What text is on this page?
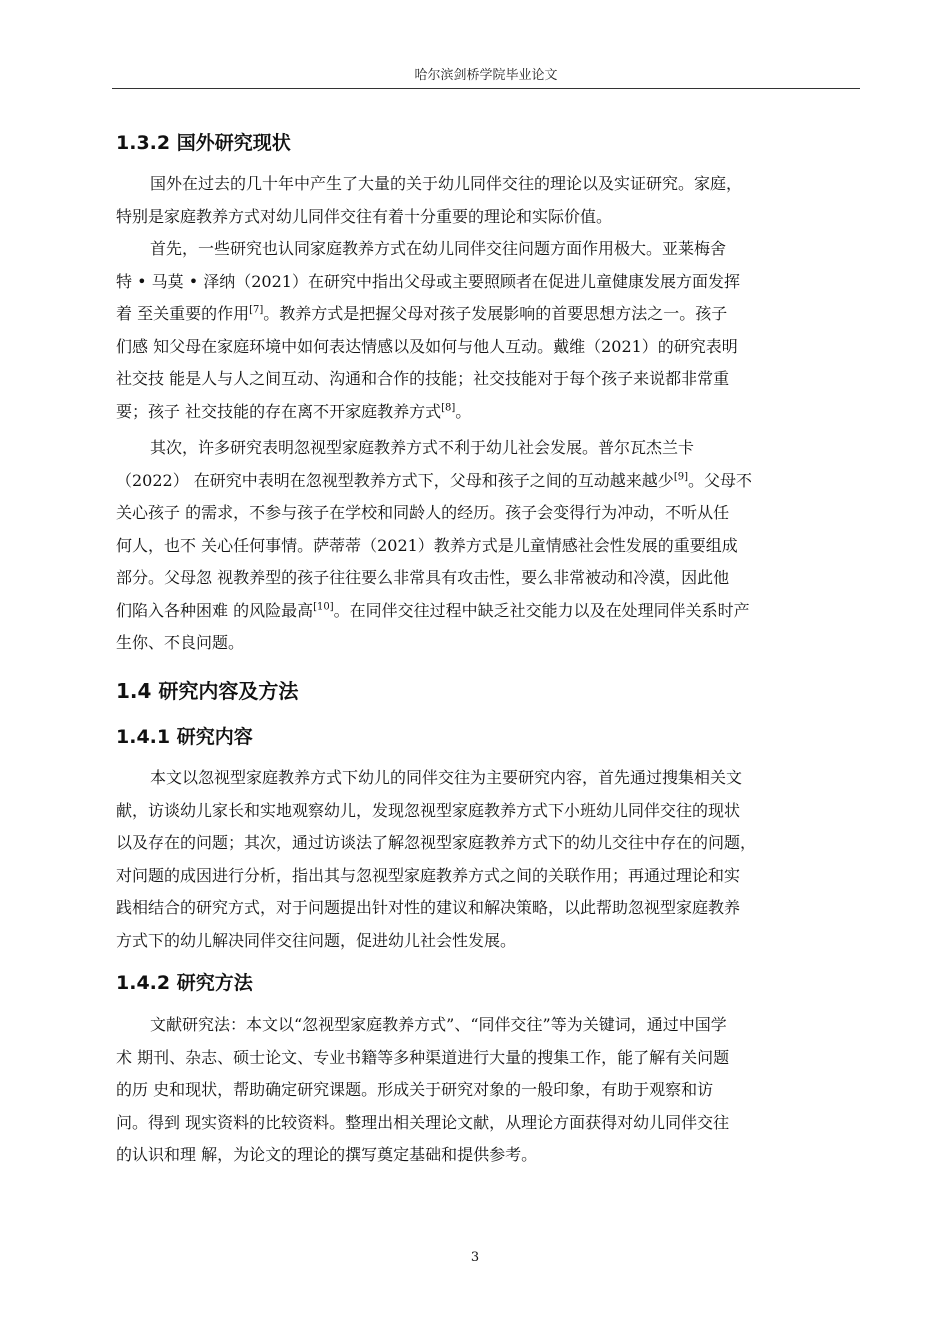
哈尔滨剑桥学院毕业论文
1.3.2 国外研究现状

国外在过去的几十年中产生了大量的关于幼儿同伴交往的理论以及实证研究。家庭，
特别是家庭教养方式对幼儿同伴交往有着十分重要的理论和实际价值。

首先，一些研究也认同家庭教养方式在幼儿同伴交往问题方面作用极大。亚莱梅舍
特 • 马莫 • 泽纳（2021）在研究中指出父母或主要照顾者在促进儿童健康发展方面发挥
着 至关重要的作用[7]。教养方式是把握父母对孩子发展影响的首要思想方法之一。孩子
们感 知父母在家庭环境中如何表达情感以及如何与他人互动。戴维（2021）的研究表明
社交技 能是人与人之间互动、沟通和合作的技能；社交技能对于每个孩子来说都非常重
要；孩子 社交技能的存在离不开家庭教养方式[8]。

其次，许多研究表明忽视型家庭教养方式不利于幼儿社会发展。普尔瓦杰兰卡
（2022） 在研究中表明在忽视型教养方式下，父母和孩子之间的互动越来越少[9]。父母不
关心孩子 的需求，不参与孩子在学校和同龄人的经历。孩子会变得行为冲动，不听从任
何人，也不 关心任何事情。萨蒂蒂（2021）教养方式是儿童情感社会性发展的重要组成
部分。父母忽 视教养型的孩子往往要么非常具有攻击性，要么非常被动和冷漠，因此他
们陷入各种困难 的风险最高[10]。在同伴交往过程中缺乏社交能力以及在处理同伴关系时产
生你、不良问题。

1.4 研究内容及方法
1.4.1 研究内容

本文以忽视型家庭教养方式下幼儿的同伴交往为主要研究内容，首先通过搜集相关文
献，访谈幼儿家长和实地观察幼儿，发现忽视型家庭教养方式下小班幼儿同伴交往的现状
以及存在的问题；其次，通过访谈法了解忽视型家庭教养方式下的幼儿交往中存在的问题，
对问题的成因进行分析，指出其与忽视型家庭教养方式之间的关联作用；再通过理论和实
践相结合的研究方式，对于问题提出针对性的建议和解决策略，以此帮助忽视型家庭教养
方式下的幼儿解决同伴交往问题，促进幼儿社会性发展。

1.4.2 研究方法

文献研究法：本文以“忽视型家庭教养方式”、“同伴交往”等为关键词，通过中国学
术 期刊、杂志、硕士论文、专业书籍等多种渠道进行大量的搜集工作，能了解有关问题
的历 史和现状，帮助确定研究课题。形成关于研究对象的一般印象，有助于观察和访
问。得到 现实资料的比较资料。整理出相关理论文献，从理论方面获得对幼儿同伴交往
的认识和理 解，为论文的理论的撰写奠定基础和提供参考。

3
